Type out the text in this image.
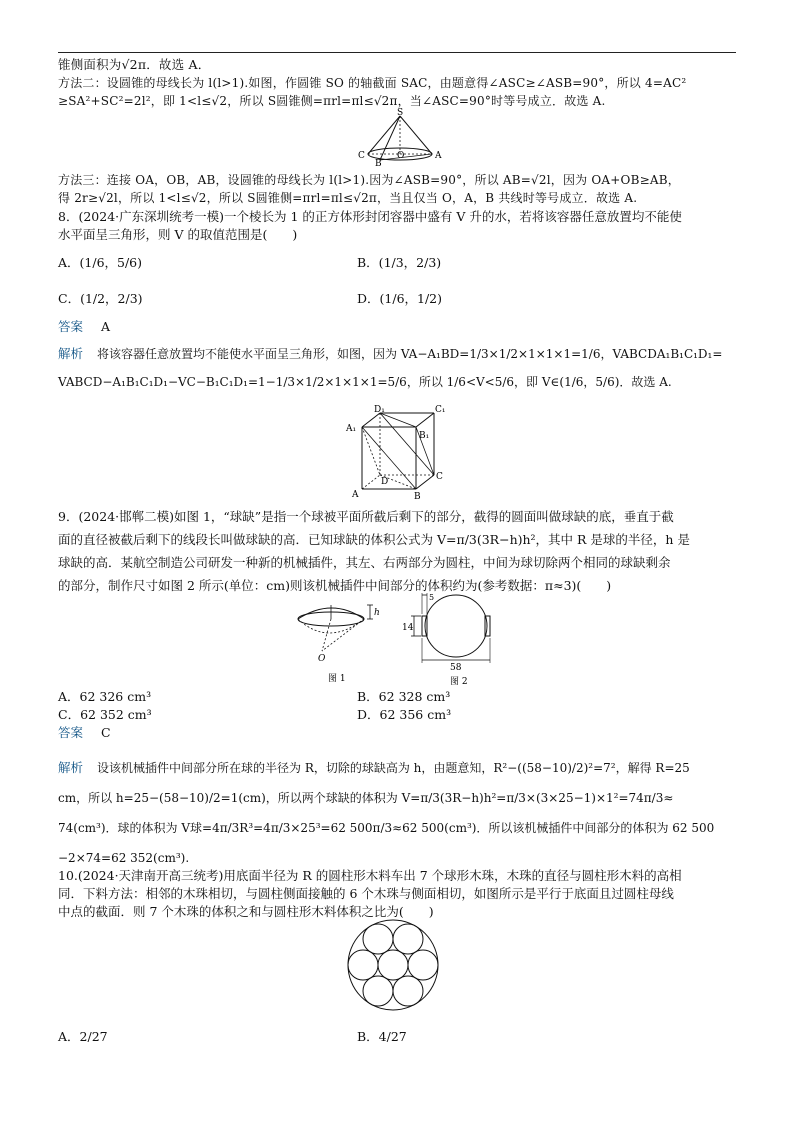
锥侧面积为√2π．故选 A．
方法二：设圆锥的母线长为 l(l>1).如图，作圆锥 SO 的轴截面 SAC，由题意得∠ASC≥∠ASB=90°，所以 4=AC²
≥SA²+SC²=2l²，即 1<l≤√2，所以 S圆锥侧=πrl=πl≤√2π，当∠ASC=90°时等号成立．故选 A.
S
C
B
O	A
方法三：连接 OA，OB，AB，设圆锥的母线长为 l(l>1).因为∠ASB=90°，所以 AB=√2l，因为 OA+OB≥AB，
得 2r≥√2l，所以 1<l≤√2，所以 S圆锥侧=πrl=πl≤√2π，当且仅当 O，A，B 共线时等号成立．故选 A.
8．(2024·广东深圳统考一模)一个棱长为 1 的正方体形封闭容器中盛有 V 升的水，若将该容器任意放置均不能使
水平面呈三角形，则 V 的取值范围是(　　)
A．(1/6，5/6)	B．(1/3，2/3)
C．(1/2，2/3)	D．(1/6，1/2)
答案 A
解析 将该容器任意放置均不能使水平面呈三角形，如图，因为 VA−A₁BD=1/3×1/2×1×1×1=1/6，VABCDA₁B₁C₁D₁=
VABCD−A₁B₁C₁D₁−VC−B₁C₁D₁=1−1/3×1/2×1×1×1=5/6，所以 1/6<V<5/6，即 V∈(1/6，5/6)．故选 A.
D₁	C₁
A₁
B₁
D	C
A	B
9．(2024·邯郸二模)如图 1，“球缺”是指一个球被平面所截后剩下的部分，截得的圆面叫做球缺的底，垂直于截
面的直径被截后剩下的线段长叫做球缺的高．已知球缺的体积公式为 V=π/3(3R−h)h²，其中 R 是球的半径，h 是
球缺的高．某航空制造公司研发一种新的机械插件，其左、右两部分为圆柱，中间为球切除两个相同的球缺剩余
的部分，制作尺寸如图 2 所示(单位：cm)则该机械插件中间部分的体积约为(参考数据：π≈3)(　　)
h
O
图 1
14
5
58
图 2
A．62 326 cm³	B．62 328 cm³
C．62 352 cm³	D．62 356 cm³
答案 C
解析 设该机械插件中间部分所在球的半径为 R，切除的球缺高为 h，由题意知，R²−((58−10)/2)²=7²，解得 R=25
cm，所以 h=25−(58−10)/2=1(cm)，所以两个球缺的体积为 V=π/3(3R−h)h²=π/3×(3×25−1)×1²=74π/3≈
74(cm³)．球的体积为 V球=4π/3R³=4π/3×25³=62 500π/3≈62 500(cm³)．所以该机械插件中间部分的体积为 62 500
−2×74=62 352(cm³).
10.(2024·天津南开高三统考)用底面半径为 R 的圆柱形木料车出 7 个球形木珠，木珠的直径与圆柱形木料的高相
同．下料方法：相邻的木珠相切，与圆柱侧面接触的 6 个木珠与侧面相切，如图所示是平行于底面且过圆柱母线
中点的截面．则 7 个木珠的体积之和与圆柱形木料体积之比为(　　)
A．2/27	B．4/27
